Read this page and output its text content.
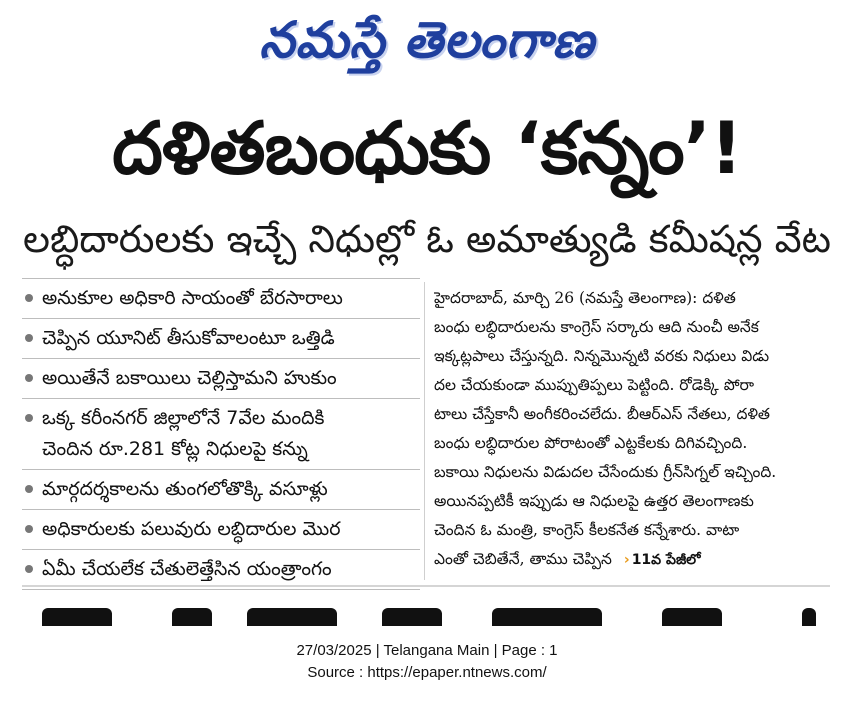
నమస్తే తెలంగాణ
దళితబంధుకు ‘కన్నం’!
లబ్ధిదారులకు ఇచ్చే నిధుల్లో ఓ అమాత్యుడి కమీషన్ల వేట
అనుకూల అధికారి సాయంతో బేరసారాలు
చెప్పిన యూనిట్ తీసుకోవాలంటూ ఒత్తిడి
అయితేనే బకాయిలు చెల్లిస్తామని హుకుం
ఒక్క కరీంనగర్ జిల్లాలోనే 7వేల మందికి
చెందిన రూ.281 కోట్ల నిధులపై కన్ను
మార్గదర్శకాలను తుంగలోతొక్కి వసూళ్లు
అధికారులకు పలువురు లబ్ధిదారుల మొర
ఏమీ చేయలేక చేతులెత్తేసిన యంత్రాంగం
హైదరాబాద్, మార్చి 26 (నమస్తే తెలంగాణ): దళిత
బంధు లబ్ధిదారులను కాంగ్రెస్ సర్కారు ఆది నుంచీ అనేక
ఇక్కట్లపాలు చేస్తున్నది. నిన్నమొన్నటి వరకు నిధులు విడు
దల చేయకుండా ముప్పుతిప్పలు పెట్టింది. రోడెక్కి పోరా
టాలు చేస్తేకానీ అంగీకరించలేదు. బీఆర్ఎస్ నేతలు, దళిత
బంధు లబ్ధిదారుల పోరాటంతో ఎట్టకేలకు దిగివచ్చింది.
బకాయి నిధులను విడుదల చేసేందుకు గ్రీన్‌సిగ్నల్ ఇచ్చింది.
అయినప్పటికీ ఇప్పుడు ఆ నిధులపై ఉత్తర తెలంగాణకు
చెందిన ఓ మంత్రి, కాంగ్రెస్ కీలకనేత కన్నేశారు. వాటా
ఎంతో చెబితేనే, తాము చెప్పిన › 11వ పేజీలో
27/03/2025 | Telangana Main | Page : 1
Source : https://epaper.ntnews.com/
